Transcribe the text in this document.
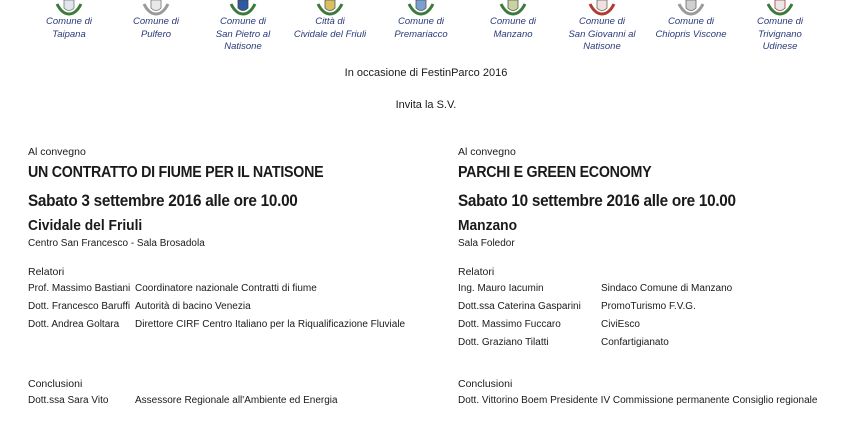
Comune di
Taipana
Comune di
Pulfero
Comune di
San Pietro al
Natisone
Città di
Cividale del Friuli
Comune di
Premariacco
Comune di
Manzano
Comune di
San Giovanni al
Natisone
Comune di
Chiopris Viscone
Comune di
Trivignano
Udinese
In occasione di FestinParco 2016
Invita la S.V.

Al convegno

UN CONTRATTO DI FIUME PER IL NATISONE

Sabato 3 settembre 2016 alle ore 10.00

Cividale del Friuli

Centro San Francesco - Sala Brosadola

Relatori

Prof. Massimo Bastiani Coordinatore nazionale Contratti di fiume
Dott. Francesco Baruffi Autorità di bacino Venezia
Dott. Andrea Goltara Direttore CIRF Centro Italiano per la Riqualificazione Fluviale
Conclusioni
Dott.ssa Sara Vito	Assessore Regionale all'Ambiente ed Energia

Al convegno

PARCHI E GREEN ECONOMY

Sabato 10 settembre 2016 alle ore 10.00

Manzano

Sala Foledor

Relatori

Ing. Mauro Iacumin	Sindaco Comune di Manzano
Dott.ssa Caterina Gasparini PromoTurismo F.V.G.
Dott. Massimo Fuccaro	CiviEsco
Dott. Graziano Tilatti	Confartigianato
Conclusioni
Dott. Vittorino Boem Presidente IV Commissione permanente Consiglio regionale
